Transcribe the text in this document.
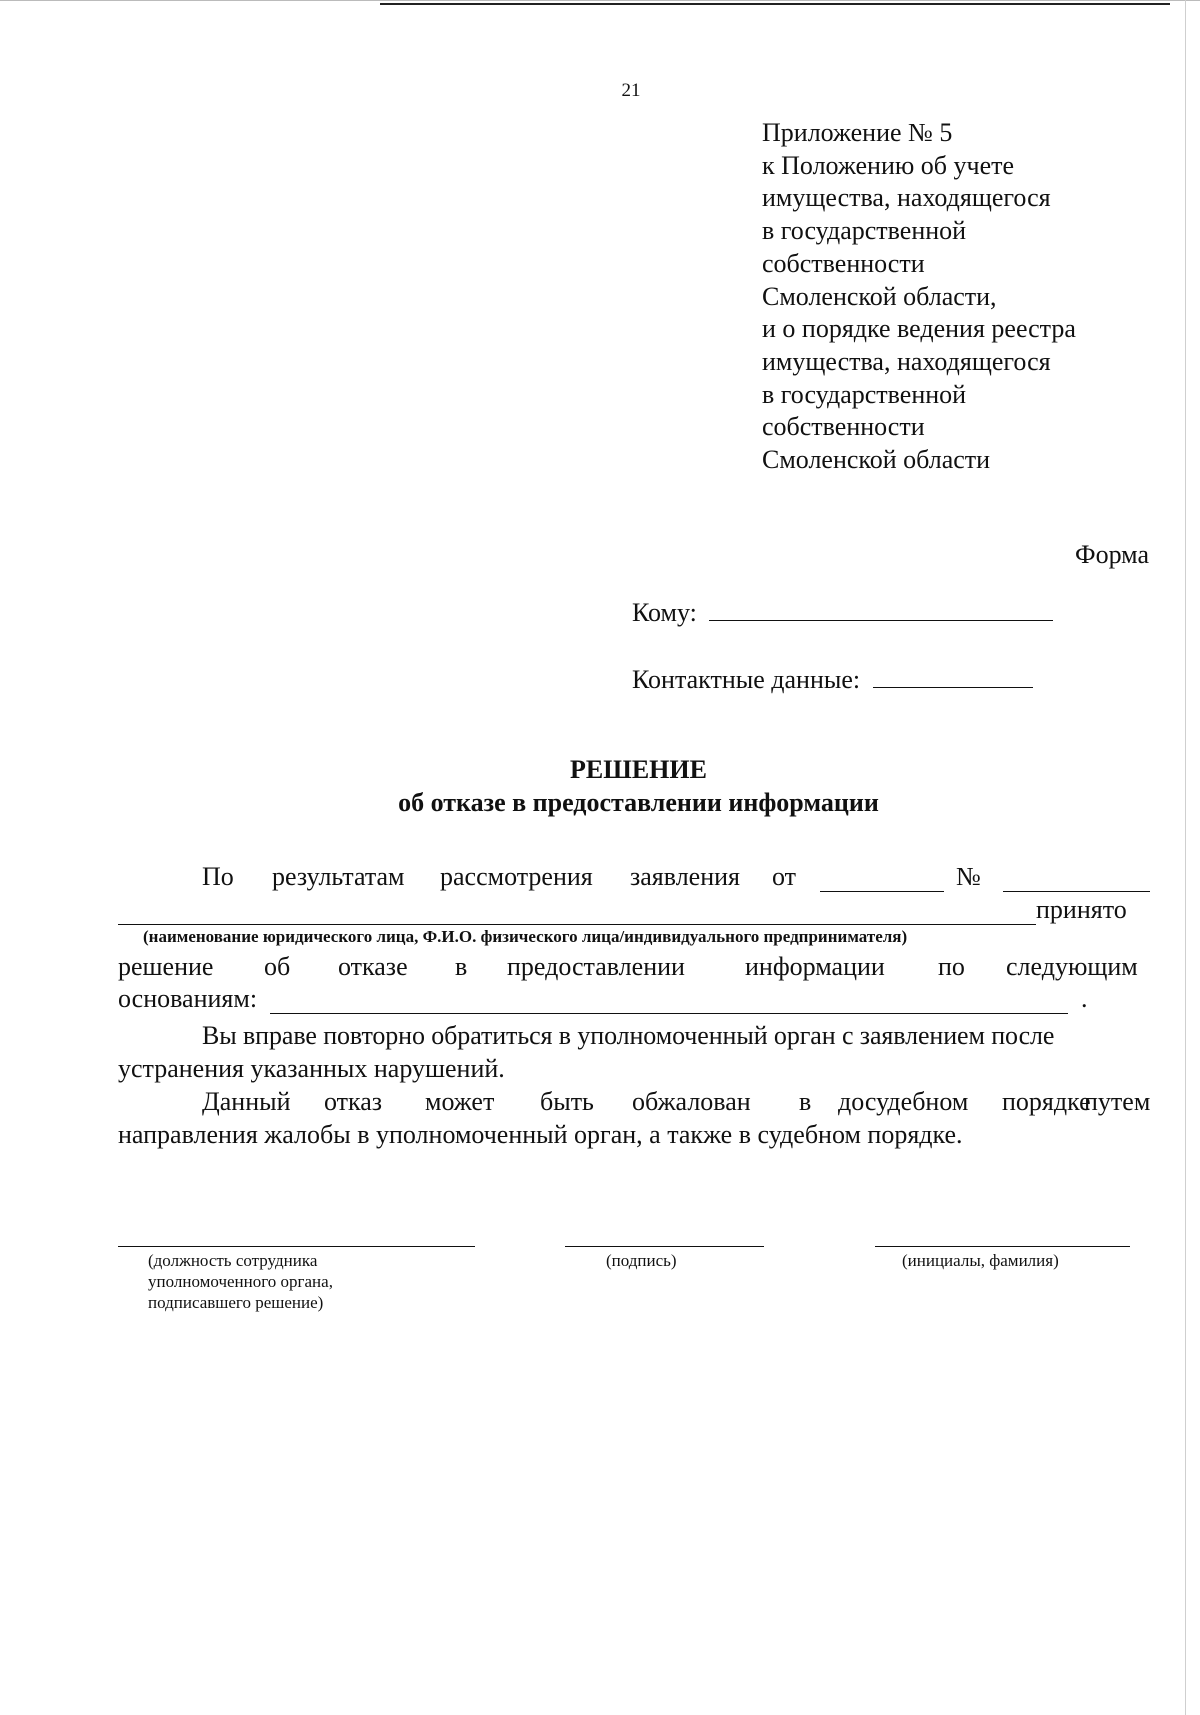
21
Приложение № 5
к Положению об учете
имущества, находящегося
в государственной
собственности
Смоленской области,
и о порядке ведения реестра
имущества, находящегося
в государственной
собственности
Смоленской области
Форма
Кому:
Контактные данные:
РЕШЕНИЕ
об отказе в предоставлении информации
По результатам рассмотрения заявления от	№
принято
(наименование юридического лица, Ф.И.О. физического лица/индивидуального предпринимателя)
решение об отказе в предоставлении информации по следующим
основаниям:	.
Вы вправе повторно обратиться в уполномоченный орган с заявлением после
устранения указанных нарушений.
Данный отказ может быть обжалован в досудебном порядке
путем
направления жалобы в уполномоченный орган, а также в судебном порядке.
(должность сотрудника
уполномоченного органа,
подписавшего решение)
(подпись)	(инициалы, фамилия)
